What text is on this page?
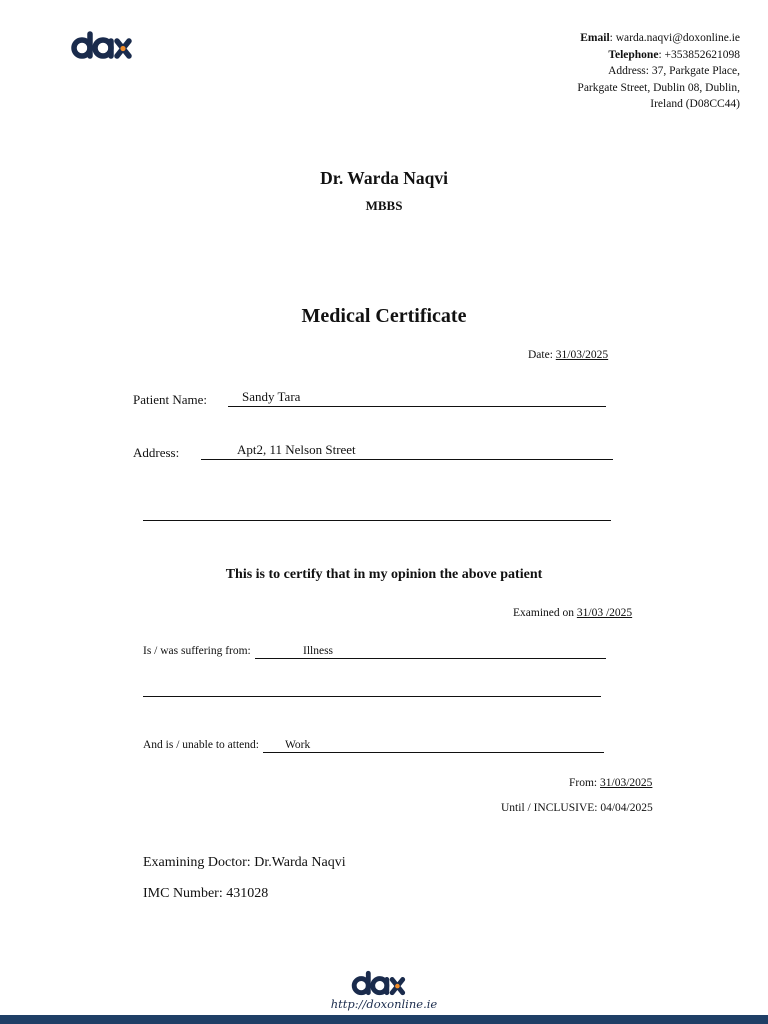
Email: warda.naqvi@doxonline.ie
Telephone: +353852621098
Address: 37, Parkgate Place,
Parkgate Street, Dublin 08, Dublin,
Ireland (D08CC44)
Dr. Warda Naqvi
MBBS
Medical Certificate
Date: 31/03/2025
Patient Name:	Sandy Tara
Address:	Apt2, 11 Nelson Street
This is to certify that in my opinion the above patient
Examined on 31/03 /2025
Is / was suffering from:	Illness
And is / unable to attend: Work
From: 31/03/2025
Until / INCLUSIVE: 04/04/2025
Examining Doctor: Dr.Warda Naqvi
IMC Number: 431028
http://doxonline.ie
